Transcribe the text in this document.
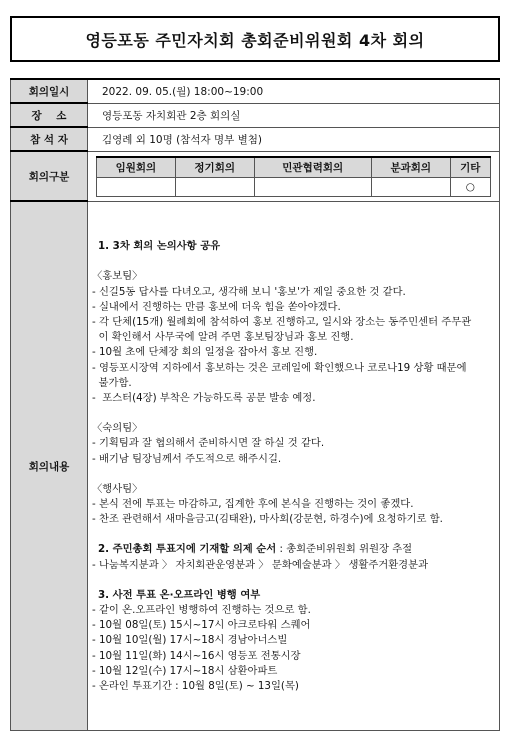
영등포동 주민자치회 총회준비위원회 4차 회의
회의일시	2022. 09. 05.(월) 18:00~19:00
장    소	영등포동 자치회관 2층 회의실
참 석 자	김영례 외 10명 (참석자 명부 별첨)
회의구분	
임원회의	정기회의	민관협력회의	분과회의	기타
				○

회의내용	

1. 3차 회의 논의사항 공유

〈홍보팀〉

- 신길5동 답사를 다녀오고, 생각해 보니 '홍보'가 제일 중요한 것 같다.

- 실내에서 진행하는 만큼 홍보에 더욱 힘을 쏟아야겠다.

- 각 단체(15개) 월례회에 참석하여 홍보 진행하고, 일시와 장소는 동주민센터 주무관
이 확인해서 사무국에 알려 주면 홍보팀장님과 홍보 진행.

- 10월 초에 단체장 회의 일정을 잡아서 홍보 진행.

- 영등포시장역 지하에서 홍보하는 것은 코레일에 확인했으나 코로나19 상황 때문에
불가함.

-  포스터(4장) 부착은 가능하도록 공문 발송 예정.

〈숙의팀〉

- 기획팀과 잘 협의해서 준비하시면 잘 하실 것 같다.

- 배기남 팀장님께서 주도적으로 해주시길.

〈행사팀〉

- 본식 전에 투표는 마감하고, 집계한 후에 본식을 진행하는 것이 좋겠다.

- 찬조 관련해서 새마을금고(김태완), 마사회(강문현, 하경수)에 요청하기로 함.

2. 주민총회 투표지에 기재할 의제 순서 : 총회준비위원회 위원장 추절

- 나눔복지분과 〉 자치회관운영분과 〉 문화예술분과 〉 생활주거환경분과

3. 사전 투표 온·오프라인 병행 여부

- 같이 온.오프라인 병행하여 진행하는 것으로 함.

- 10월 08일(토) 15시~17시 아크로타워 스퀘어

- 10월 10일(월) 17시~18시 경남아너스빌

- 10월 11일(화) 14시~16시 영등포 전통시장

- 10월 12일(수) 17시~18시 삼환아파트

- 온라인 투표기간 : 10월 8일(토) ~ 13일(목)
